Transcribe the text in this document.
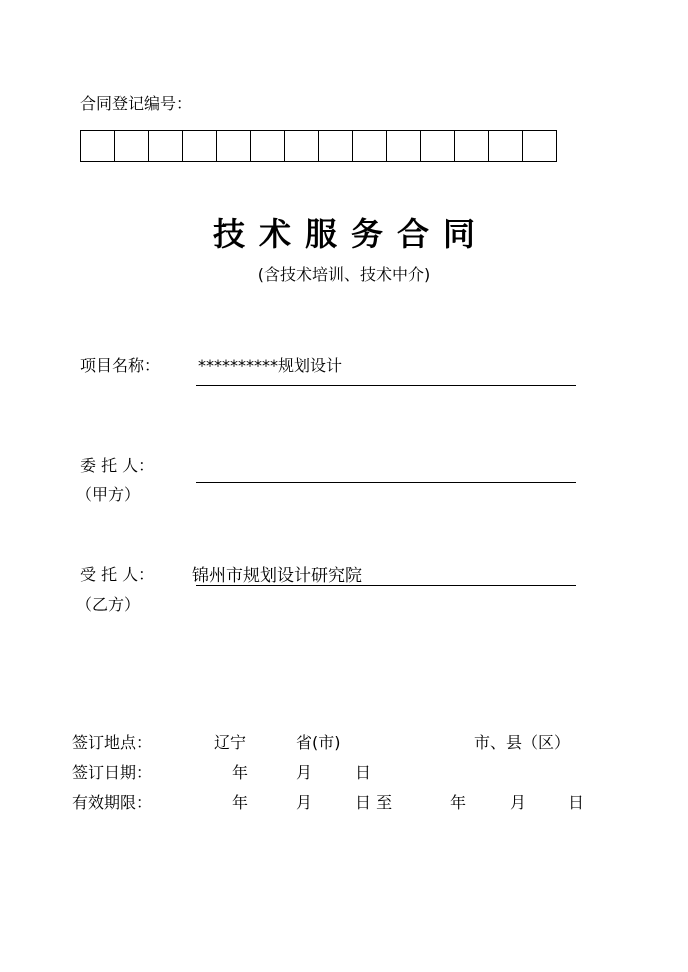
合同登记编号：
技术服务合同
(含技术培训、技术中介)
项目名称： **********规划设计
委 托 人：
（甲方）
受 托 人：
（乙方）
锦州市规划设计研究院
签订地点：	辽宁	省(市)	市、县（区）
签订日期：	年	月	日
有效期限：	年	月	日 至	年	月	日
